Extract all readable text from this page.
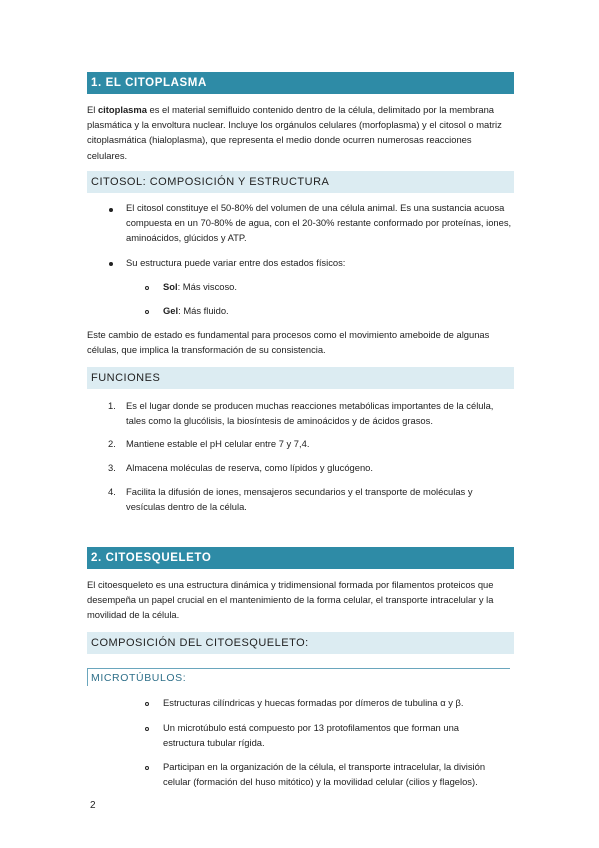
1. EL CITOPLASMA
El citoplasma es el material semifluido contenido dentro de la célula, delimitado por la membrana plasmática y la envoltura nuclear. Incluye los orgánulos celulares (morfoplasma) y el citosol o matriz citoplasmática (hialoplasma), que representa el medio donde ocurren numerosas reacciones celulares.
CITOSOL: COMPOSICIÓN Y ESTRUCTURA
El citosol constituye el 50-80% del volumen de una célula animal. Es una sustancia acuosa compuesta en un 70-80% de agua, con el 20-30% restante conformado por proteínas, iones, aminoácidos, glúcidos y ATP.
Su estructura puede variar entre dos estados físicos:
Sol: Más viscoso.
Gel: Más fluido.
Este cambio de estado es fundamental para procesos como el movimiento ameboide de algunas células, que implica la transformación de su consistencia.
FUNCIONES
1. Es el lugar donde se producen muchas reacciones metabólicas importantes de la célula, tales como la glucólisis, la biosíntesis de aminoácidos y de ácidos grasos.
2. Mantiene estable el pH celular entre 7 y 7,4.
3. Almacena moléculas de reserva, como lípidos y glucógeno.
4. Facilita la difusión de iones, mensajeros secundarios y el transporte de moléculas y vesículas dentro de la célula.
2. CITOESQUELETO
El citoesqueleto es una estructura dinámica y tridimensional formada por filamentos proteicos que desempeña un papel crucial en el mantenimiento de la forma celular, el transporte intracelular y la movilidad de la célula.
COMPOSICIÓN DEL CITOESQUELETO:
MICROTÚBULOS:
Estructuras cilíndricas y huecas formadas por dímeros de tubulina α y β.
Un microtúbulo está compuesto por 13 protofilamentos que forman una estructura tubular rígida.
Participan en la organización de la célula, el transporte intracelular, la división celular (formación del huso mitótico) y la movilidad celular (cilios y flagelos).
2
